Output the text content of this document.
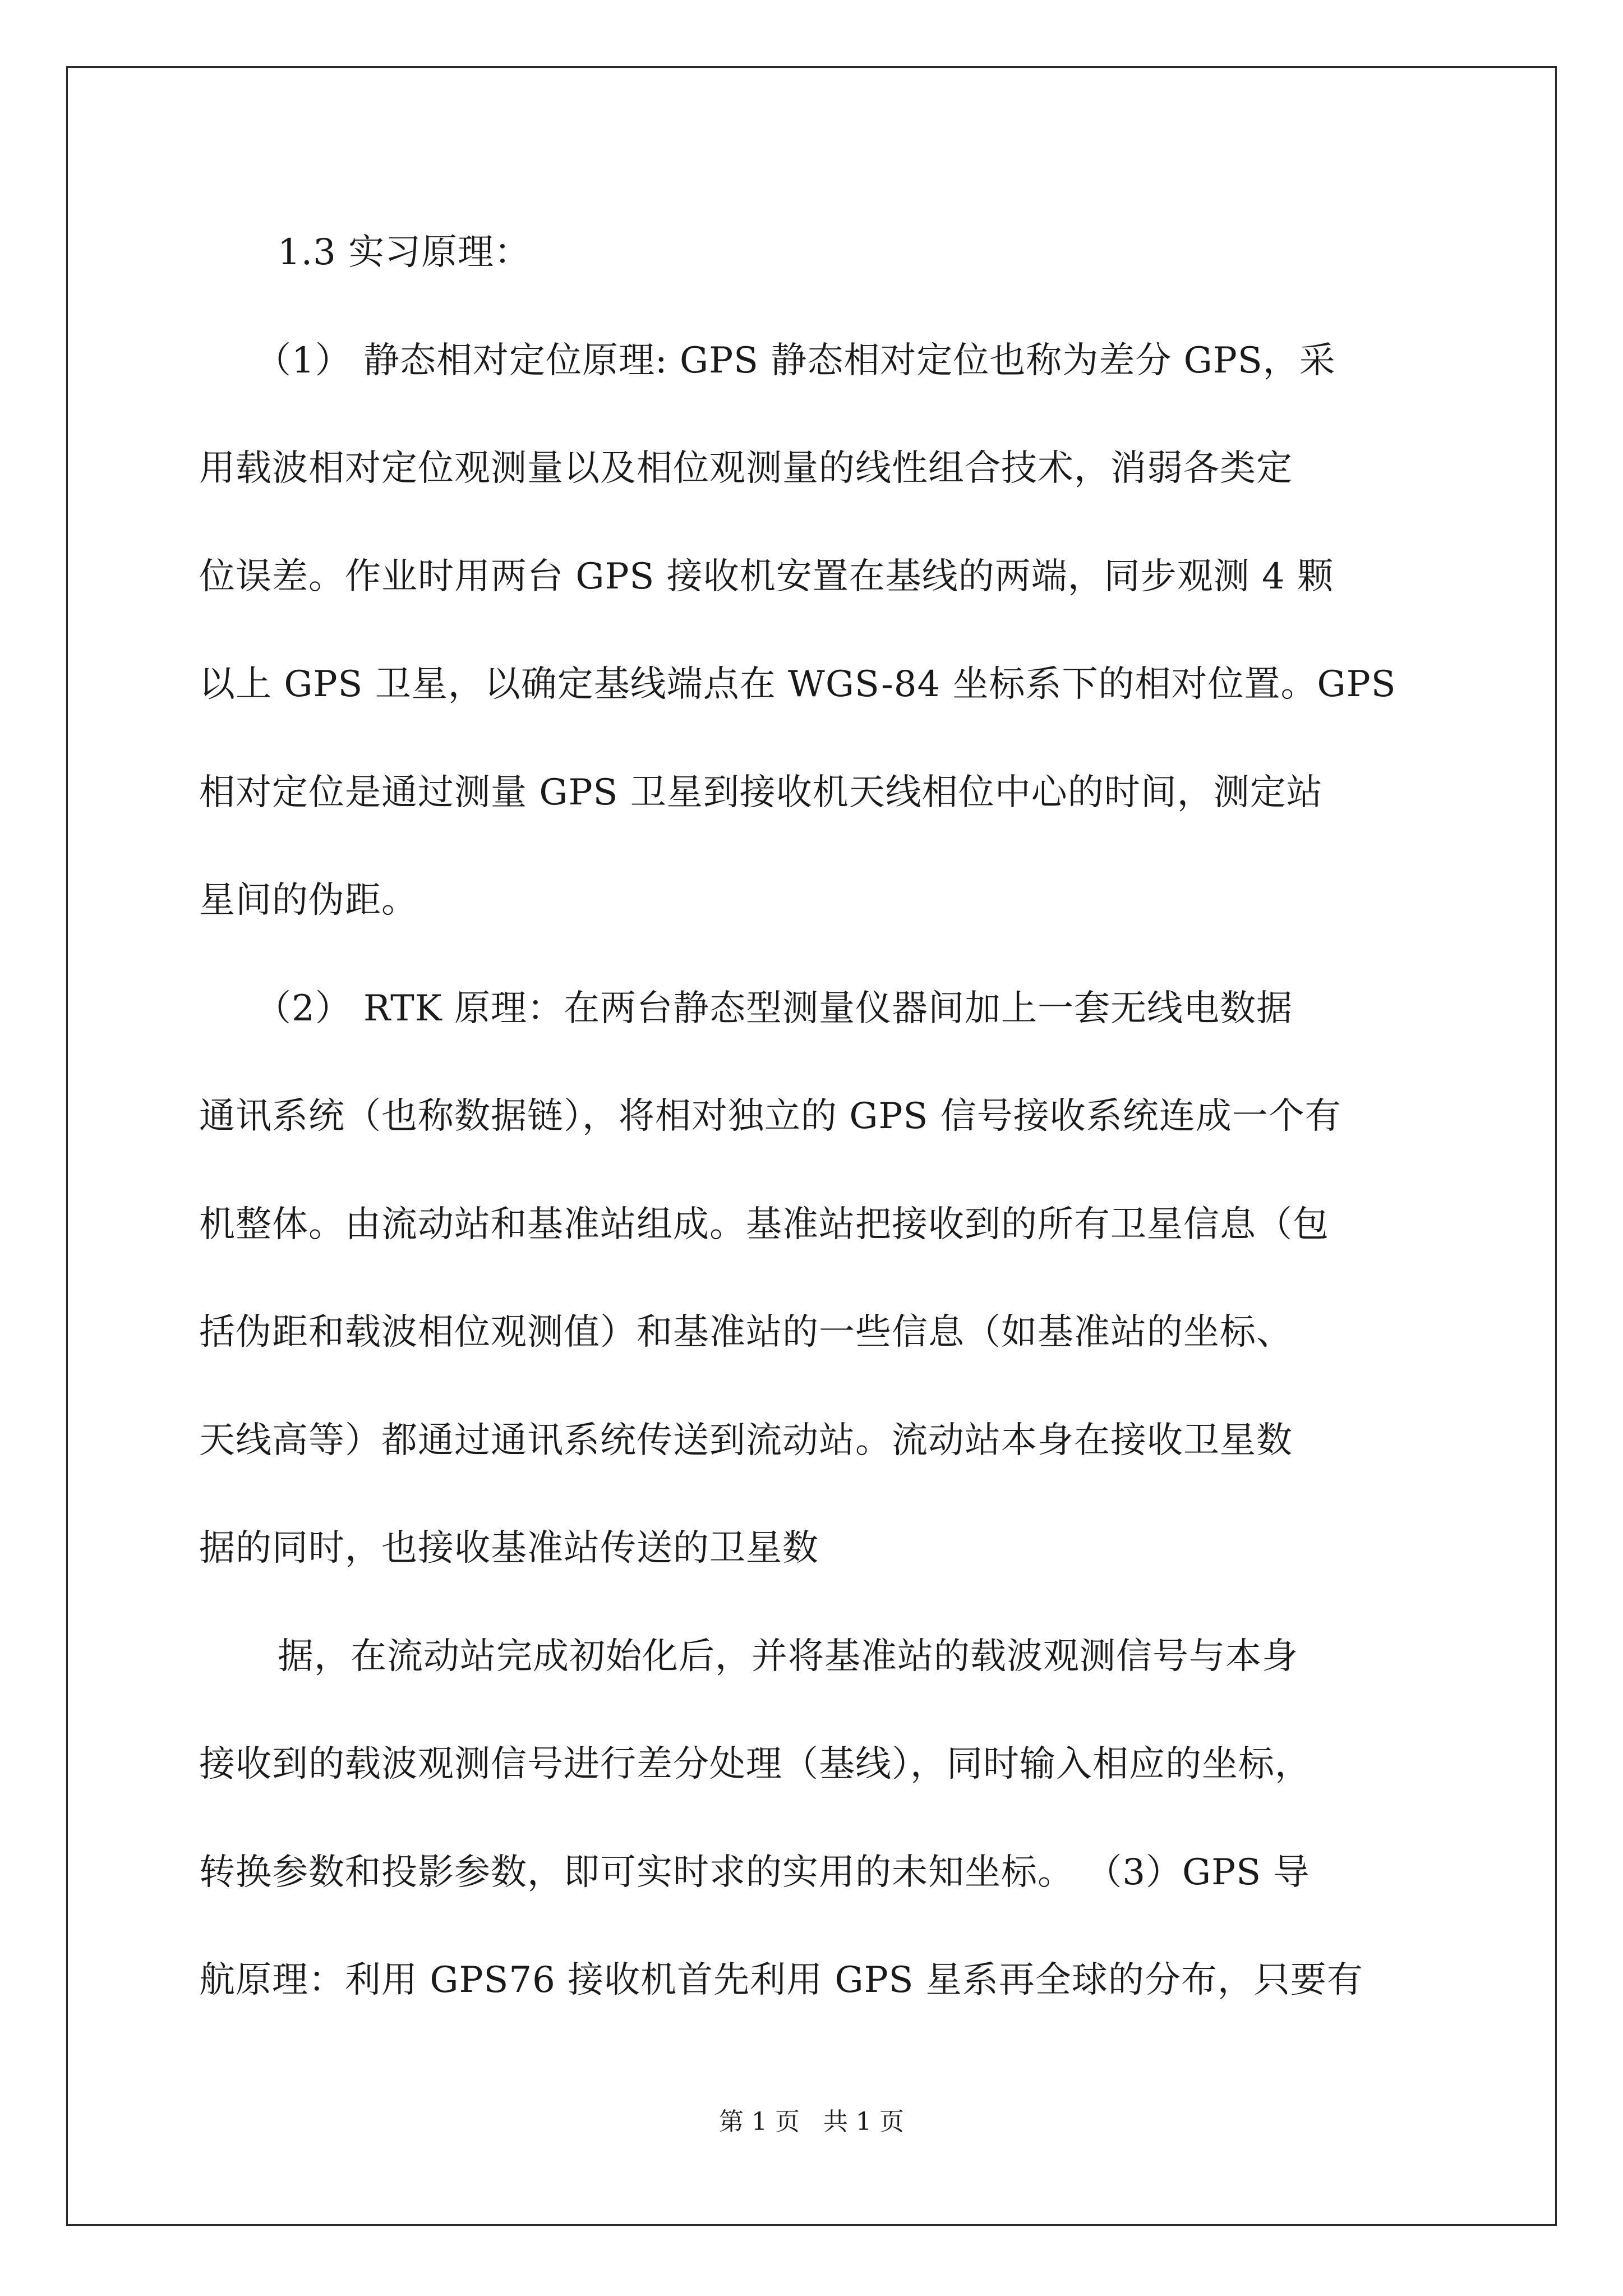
1.3 实习原理：
（1） 静态相对定位原理: GPS 静态相对定位也称为差分 GPS，采
用载波相对定位观测量以及相位观测量的线性组合技术，消弱各类定
位误差。作业时用两台 GPS 接收机安置在基线的两端，同步观测 4 颗
以上 GPS 卫星，以确定基线端点在 WGS-84 坐标系下的相对位置。GPS
相对定位是通过测量 GPS 卫星到接收机天线相位中心的时间，测定站
星间的伪距。
（2） RTK 原理：在两台静态型测量仪器间加上一套无线电数据
通讯系统（也称数据链），将相对独立的 GPS 信号接收系统连成一个有
机整体。由流动站和基准站组成。基准站把接收到的所有卫星信息（包
括伪距和载波相位观测值）和基准站的一些信息（如基准站的坐标、
天线高等）都通过通讯系统传送到流动站。流动站本身在接收卫星数
据的同时，也接收基准站传送的卫星数
据，在流动站完成初始化后，并将基准站的载波观测信号与本身
接收到的载波观测信号进行差分处理（基线），同时输入相应的坐标，
转换参数和投影参数，即可实时求的实用的未知坐标。 （3）GPS 导
航原理：利用 GPS76 接收机首先利用 GPS 星系再全球的分布，只要有
第 1 页   共 1 页
